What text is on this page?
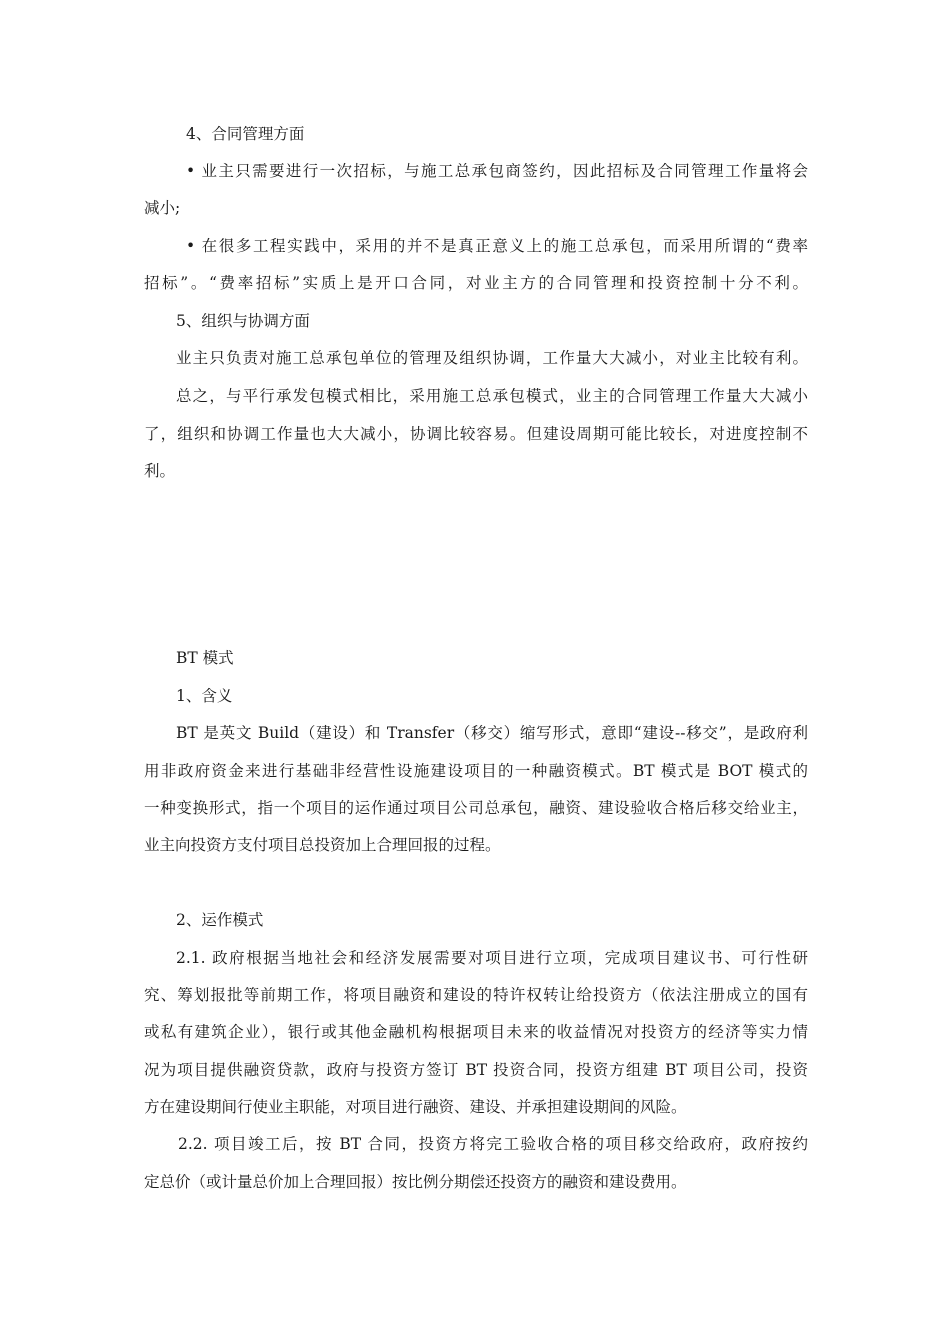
4、合同管理方面
• 业主只需要进行一次招标，与施工总承包商签约，因此招标及合同管理工作量将会
减小;
• 在很多工程实践中，采用的并不是真正意义上的施工总承包，而采用所谓的“费率
招标”。“费率招标”实质上是开口合同，对业主方的合同管理和投资控制十分不利。
5、组织与协调方面
业主只负责对施工总承包单位的管理及组织协调，工作量大大减小，对业主比较有利。
总之，与平行承发包模式相比，采用施工总承包模式，业主的合同管理工作量大大减小
了，组织和协调工作量也大大减小，协调比较容易。但建设周期可能比较长，对进度控制不
利。
BT 模式
1、含义
BT 是英文 Build（建设）和 Transfer（移交）缩写形式，意即“建设--移交”，是政府利
用非政府资金来进行基础非经营性设施建设项目的一种融资模式。BT 模式是 BOT 模式的
一种变换形式，指一个项目的运作通过项目公司总承包，融资、建设验收合格后移交给业主，
业主向投资方支付项目总投资加上合理回报的过程。
2、运作模式
2.1. 政府根据当地社会和经济发展需要对项目进行立项，完成项目建议书、可行性研
究、筹划报批等前期工作，将项目融资和建设的特许权转让给投资方（依法注册成立的国有
或私有建筑企业），银行或其他金融机构根据项目未来的收益情况对投资方的经济等实力情
况为项目提供融资贷款，政府与投资方签订 BT 投资合同，投资方组建 BT 项目公司，投资
方在建设期间行使业主职能，对项目进行融资、建设、并承担建设期间的风险。
2.2. 项目竣工后，按 BT 合同，投资方将完工验收合格的项目移交给政府，政府按约
定总价（或计量总价加上合理回报）按比例分期偿还投资方的融资和建设费用。
